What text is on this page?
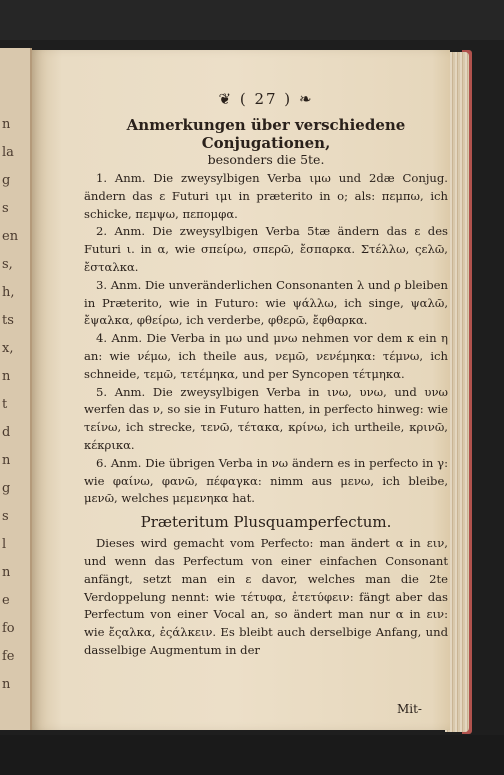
n
la
g
s
en
s,
h,
ts
x,
n
t
d
n
g
s
l
n
e
fo
fe
n
❦ ( 27 ) ❧
Anmerkungen über verschiedene Conjugationen,
besonders die 5te.

1. Anm. Die zweysylbigen Verba ιμω und 2dæ Conjug. ändern das ε Futuri ιμι in præterito in ο; als: πεμπω, ich schicke, πεμψω, πεπομφα.

2. Anm. Die zweysylbigen Verba 5tæ ändern das ε des Futuri ι. in α, wie σπείρω, σπερῶ, ἔσπαρκα. Στέλλω, ςελῶ, ἔσταλκα.

3. Anm. Die unveränderlichen Consonanten λ und ρ bleiben in Præterito, wie in Futuro: wie ψάλλω, ich singe, ψαλῶ, ἔψαλκα, φθείρω, ich verderbe, φθερῶ, ἔφθαρκα.

4. Anm. Die Verba in μω und μνω nehmen vor dem κ ein η an: wie νέμω, ich theile aus, νεμῶ, νενέμηκα: τέμνω, ich schneide, τεμῶ, τετέμηκα, und per Syncopen τέτμηκα.

5. Anm. Die zweysylbigen Verba in ινω, υνω, und υνω werfen das ν, so sie in Futuro hatten, in perfecto hinweg: wie τείνω, ich strecke, τενῶ, τέτακα, κρίνω, ich urtheile, κρινῶ, κέκρικα.

6. Anm. Die übrigen Verba in νω ändern es in perfecto in γ: wie φαίνω, φανῶ, πέφαγκα: nimm aus μενω, ich bleibe, μενῶ, welches μεμενηκα hat.

Præteritum Plusquamperfectum.

Dieses wird gemacht vom Perfecto: man ändert α in ειν, und wenn das Perfectum von einer einfachen Consonant anfängt, setzt man ein ε davor, welches man die 2te Verdoppelung nennt: wie τέτυφα, ἐτετύφειν: fängt aber das Perfectum von einer Vocal an, so ändert man nur α in ειν: wie ἔςαλκα, ἐςάλκειν. Es bleibt auch derselbige Anfang, und dasselbige Augmentum in der

Mit-
